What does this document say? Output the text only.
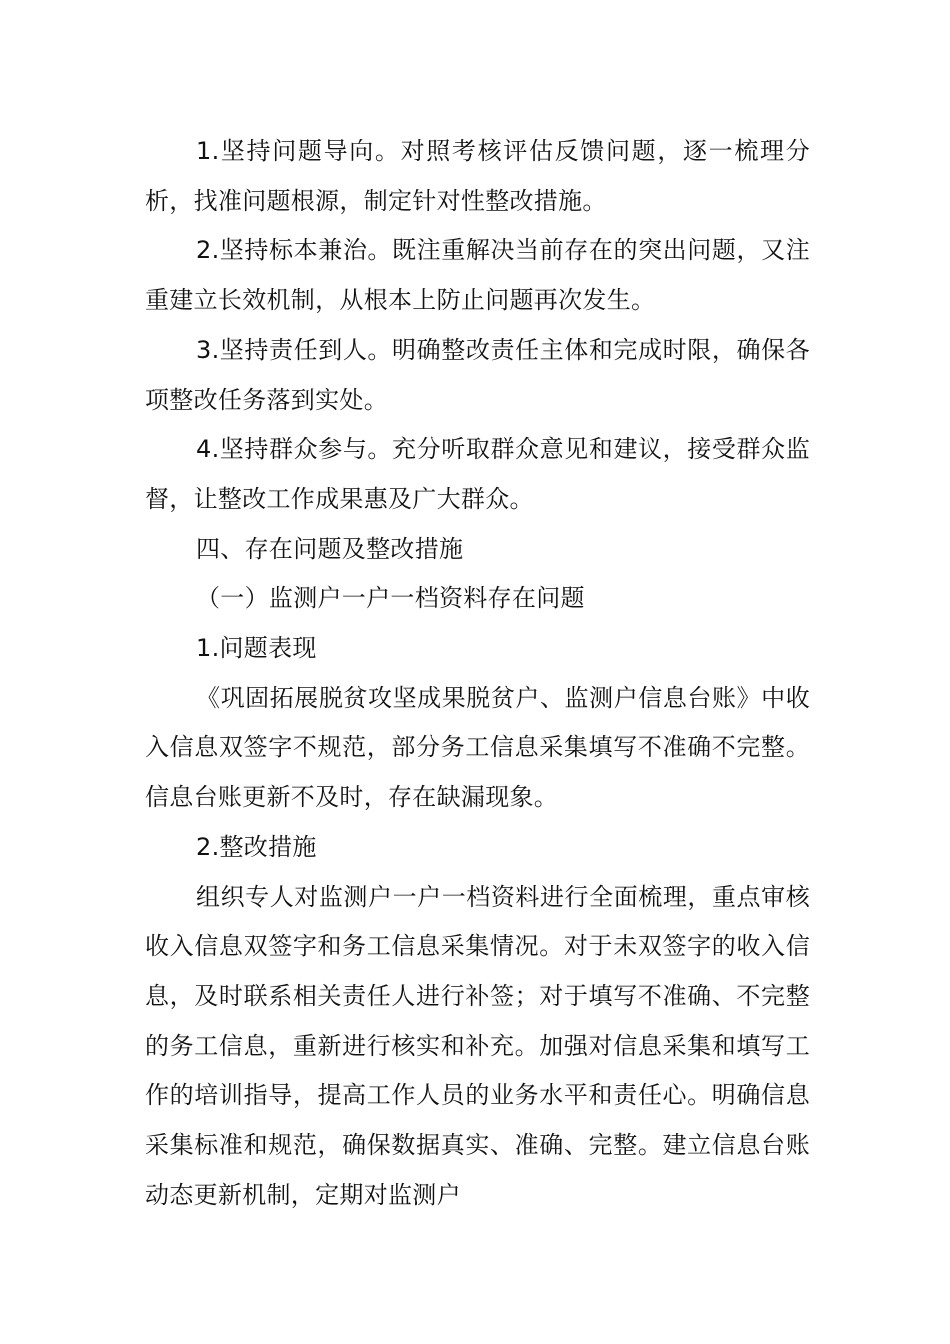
1.坚持问题导向。对照考核评估反馈问题，逐一梳理分析，找准问题根源，制定针对性整改措施。

2.坚持标本兼治。既注重解决当前存在的突出问题，又注重建立长效机制，从根本上防止问题再次发生。

3.坚持责任到人。明确整改责任主体和完成时限，确保各项整改任务落到实处。

4.坚持群众参与。充分听取群众意见和建议，接受群众监督，让整改工作成果惠及广大群众。

四、存在问题及整改措施

（一）监测户一户一档资料存在问题

1.问题表现

《巩固拓展脱贫攻坚成果脱贫户、监测户信息台账》中收入信息双签字不规范，部分务工信息采集填写不准确不完整。信息台账更新不及时，存在缺漏现象。

2.整改措施

组织专人对监测户一户一档资料进行全面梳理，重点审核收入信息双签字和务工信息采集情况。对于未双签字的收入信息，及时联系相关责任人进行补签；对于填写不准确、不完整的务工信息，重新进行核实和补充。加强对信息采集和填写工作的培训指导，提高工作人员的业务水平和责任心。明确信息采集标准和规范，确保数据真实、准确、完整。建立信息台账动态更新机制，定期对监测户
